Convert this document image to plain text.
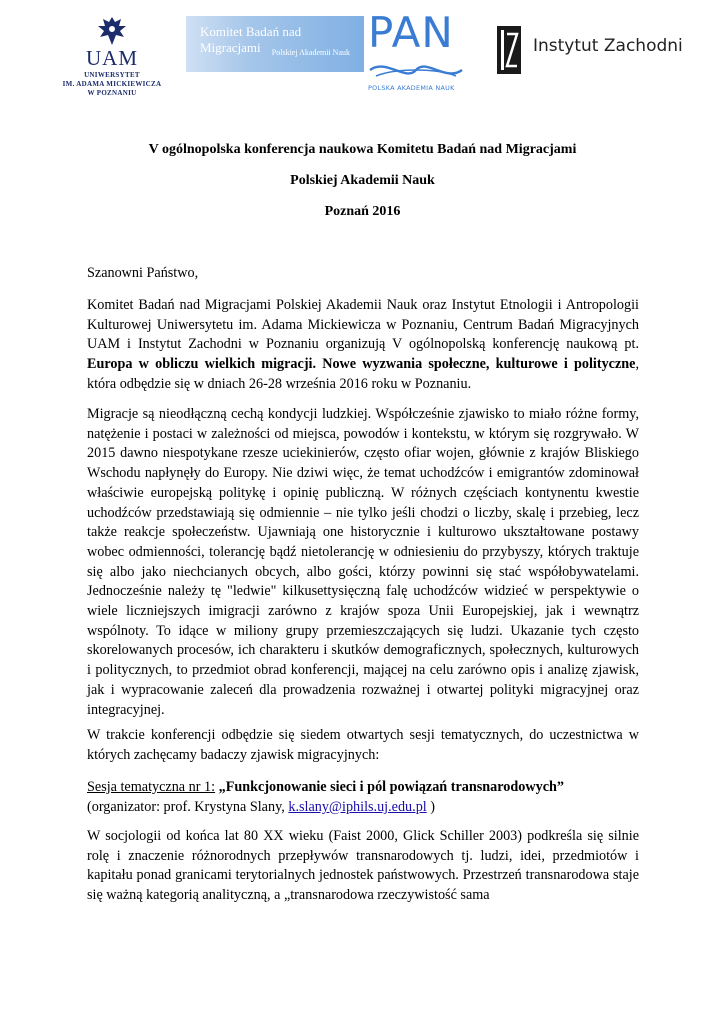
UAM
UNIWERSYTET
IM. ADAMA MICKIEWICZA
W POZNANIU
Komitet Badań nad Migracjami	Polskiej Akademii Nauk PAN
POLSKA AKADEMIA NAUK
Instytut Zachodni
V ogólnopolska konferencja naukowa Komitetu Badań nad Migracjami
Polskiej Akademii Nauk
Poznań 2016
Szanowni Państwo,
Komitet Badań nad Migracjami Polskiej Akademii Nauk oraz Instytut Etnologii i Antropologii Kulturowej Uniwersytetu im. Adama Mickiewicza w Poznaniu, Centrum Badań Migracyjnych UAM i Instytut Zachodni w Poznaniu organizują V ogólnopolską konferencję naukową pt. Europa w obliczu wielkich migracji. Nowe wyzwania społeczne, kulturowe i polityczne, która odbędzie się w dniach 26-28 września 2016 roku w Poznaniu.
Migracje są nieodłączną cechą kondycji ludzkiej. Współcześnie zjawisko to miało różne formy, natężenie i postaci w zależności od miejsca, powodów i kontekstu, w którym się rozgrywało. W 2015 dawno niespotykane rzesze uciekinierów, często ofiar wojen, głównie z krajów Bliskiego Wschodu napłynęły do Europy. Nie dziwi więc, że temat uchodźców i emigrantów zdominował właściwie europejską politykę i opinię publiczną. W różnych częściach kontynentu kwestie uchodźców przedstawiają się odmiennie – nie tylko jeśli chodzi o liczby, skalę i przebieg, lecz także reakcje społeczeństw. Ujawniają one historycznie i kulturowo ukształtowane postawy wobec odmienności, tolerancję bądź nietolerancję w odniesieniu do przybyszy, których traktuje się albo jako niechcianych obcych, albo gości, którzy powinni się stać współobywatelami. Jednocześnie należy tę "ledwie" kilkusettysięczną falę uchodźców widzieć w perspektywie o wiele liczniejszych imigracji zarówno z krajów spoza Unii Europejskiej, jak i wewnątrz wspólnoty. To idące w miliony grupy przemieszczających się ludzi. Ukazanie tych często skorelowanych procesów, ich charakteru i skutków demograficznych, społecznych, kulturowych i politycznych, to przedmiot obrad konferencji, mającej na celu zarówno opis i analizę zjawisk, jak i wypracowanie zaleceń dla prowadzenia rozważnej i otwartej polityki migracyjnej oraz integracyjnej.
W trakcie konferencji odbędzie się siedem otwartych sesji tematycznych, do uczestnictwa w których zachęcamy badaczy zjawisk migracyjnych:
Sesja tematyczna nr 1: „Funkcjonowanie sieci i pól powiązań transnarodowych”
(organizator: prof. Krystyna Slany, k.slany@iphils.uj.edu.pl )
W socjologii od końca lat 80 XX wieku (Faist 2000, Glick Schiller 2003) podkreśla się silnie rolę i znaczenie różnorodnych przepływów transnarodowych tj. ludzi, idei, przedmiotów i kapitału ponad granicami terytorialnych jednostek państwowych. Przestrzeń transnarodowa staje się ważną kategorią analityczną, a „transnarodowa rzeczywistość sama
